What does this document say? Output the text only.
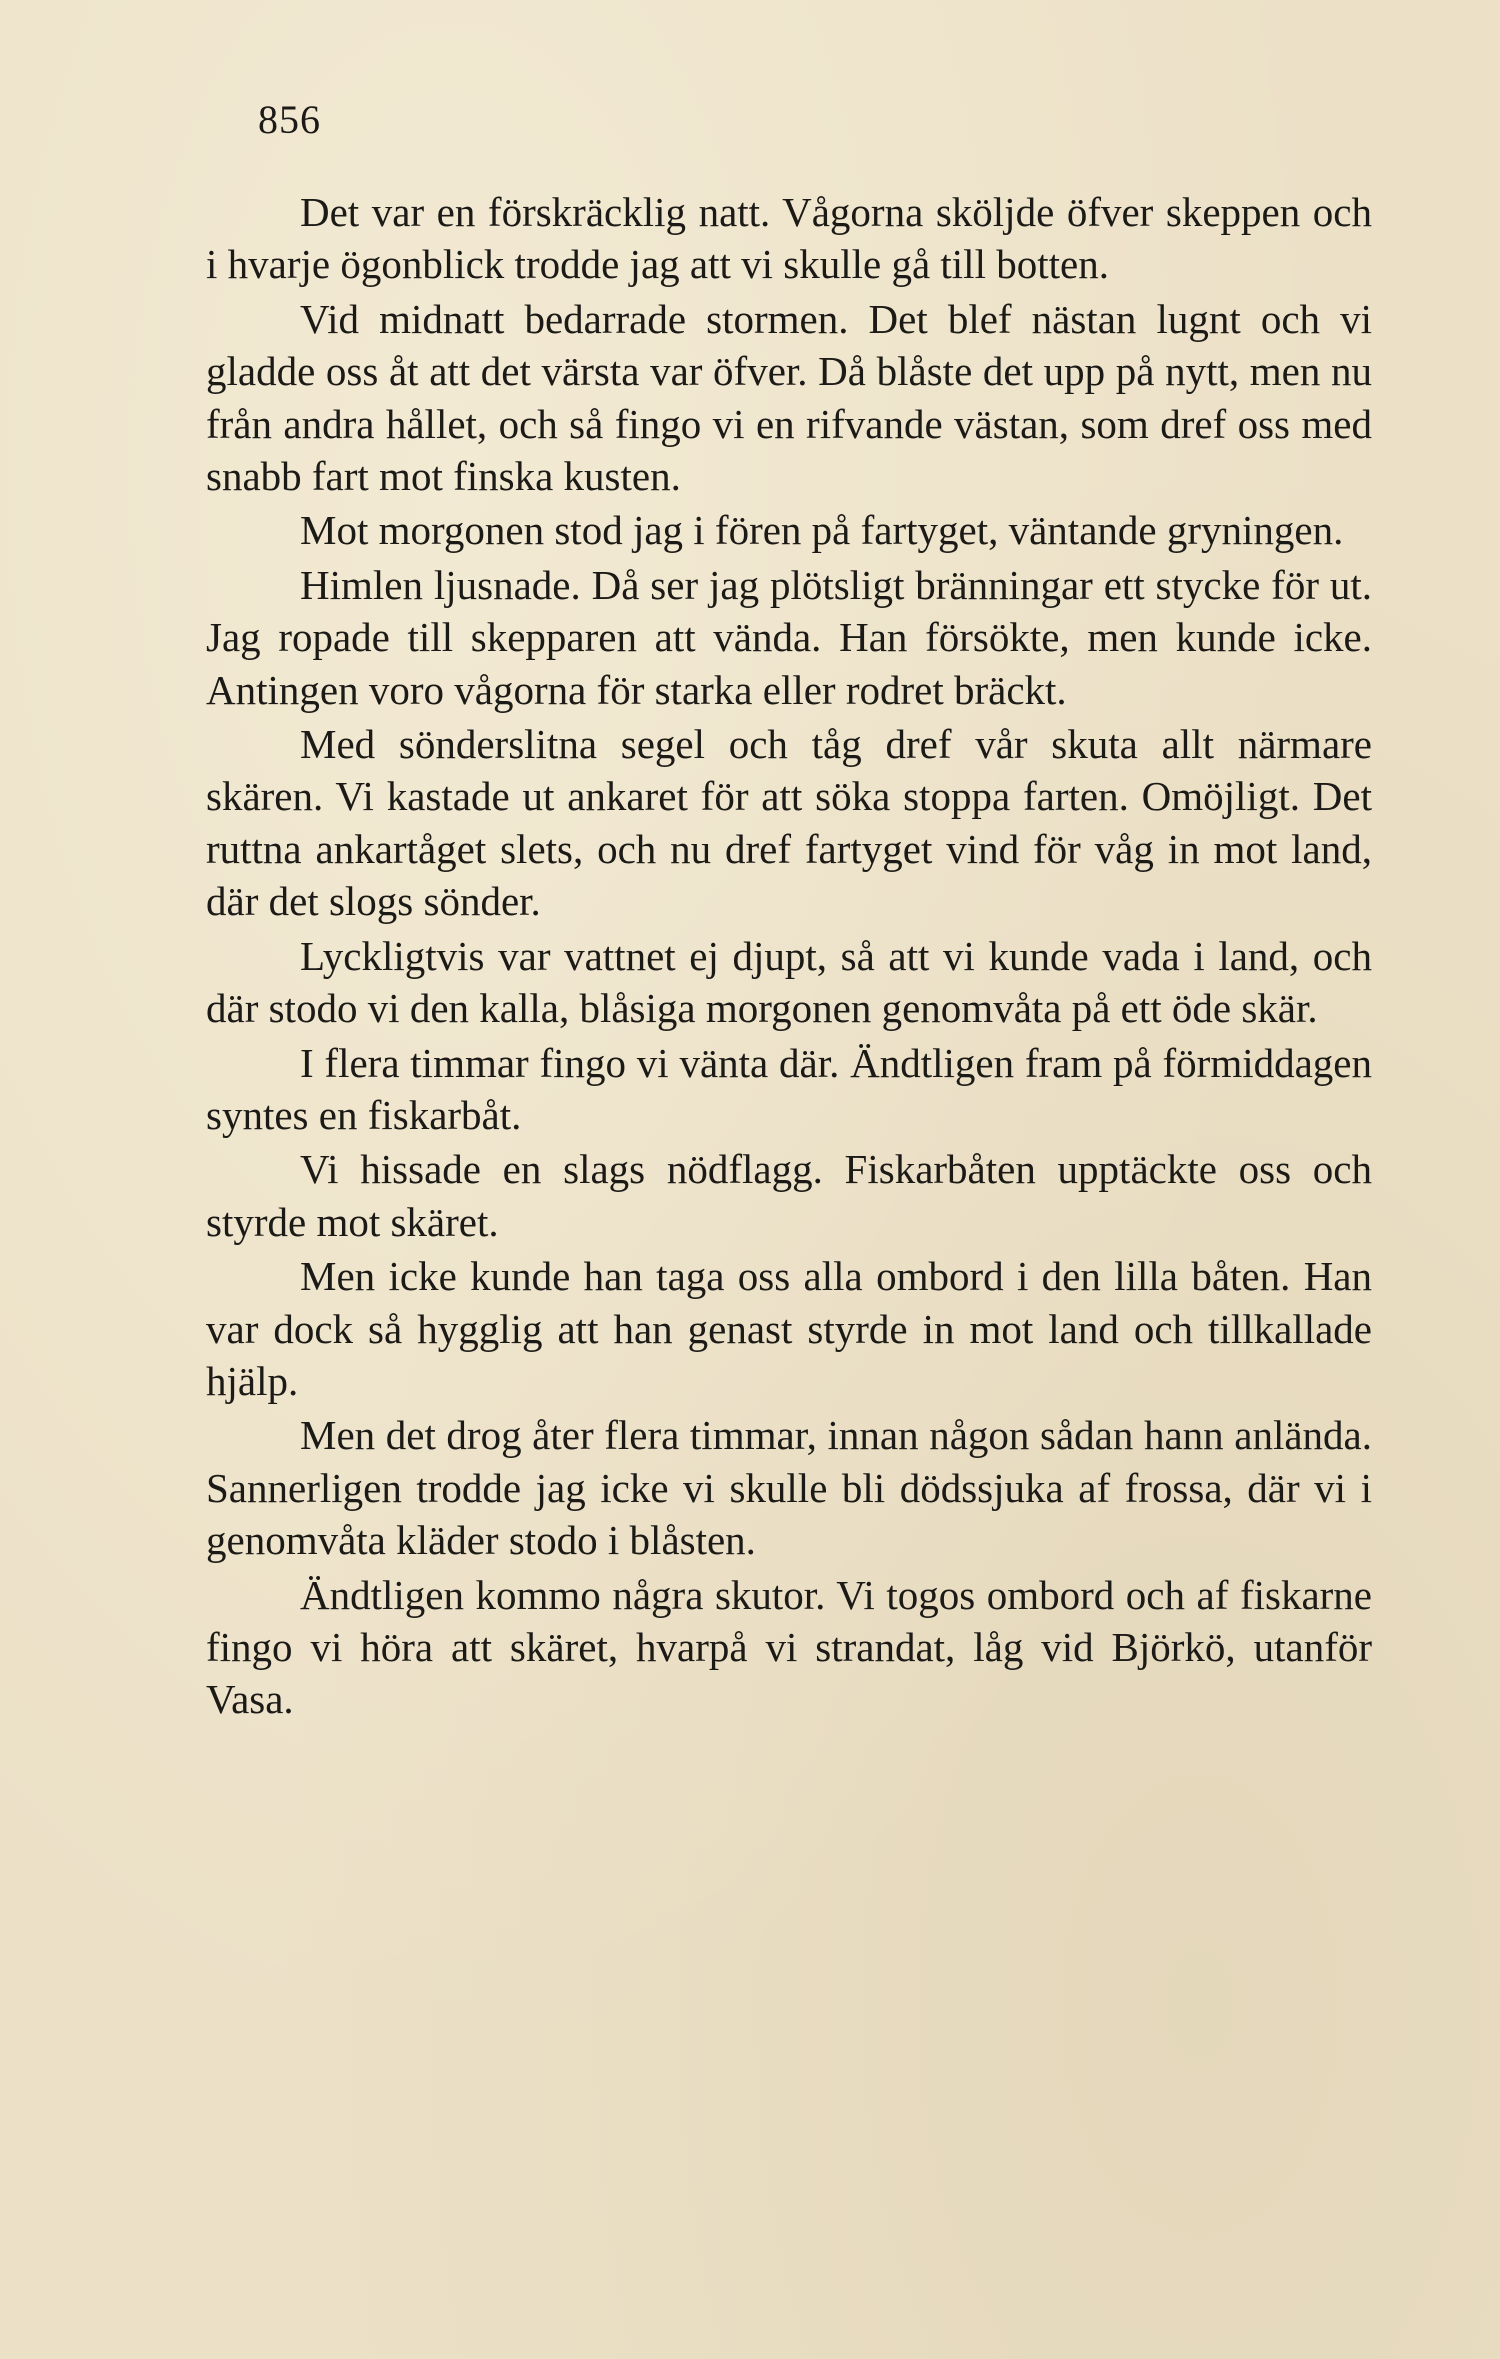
856

Det var en förskräcklig natt. Vågorna sköljde öfver skeppen och i hvarje ögonblick trodde jag att vi skulle gå till botten.

Vid midnatt bedarrade stormen. Det blef nästan lugnt och vi gladde oss åt att det värsta var öfver. Då blåste det upp på nytt, men nu från andra hållet, och så fingo vi en rifvande västan, som dref oss med snabb fart mot finska kusten.

Mot morgonen stod jag i fören på fartyget, väntande gryningen.

Himlen ljusnade. Då ser jag plötsligt bränningar ett stycke för ut. Jag ropade till skepparen att vända. Han försökte, men kunde icke. Antingen voro vågorna för starka eller rodret bräckt.

Med sönderslitna segel och tåg dref vår skuta allt närmare skären. Vi kastade ut ankaret för att söka stoppa farten. Omöjligt. Det ruttna ankartåget slets, och nu dref fartyget vind för våg in mot land, där det slogs sönder.

Lyckligtvis var vattnet ej djupt, så att vi kunde vada i land, och där stodo vi den kalla, blåsiga morgonen genomvåta på ett öde skär.

I flera timmar fingo vi vänta där. Ändtligen fram på förmiddagen syntes en fiskarbåt.

Vi hissade en slags nödflagg. Fiskarbåten upptäckte oss och styrde mot skäret.

Men icke kunde han taga oss alla ombord i den lilla båten. Han var dock så hygglig att han genast styrde in mot land och tillkallade hjälp.

Men det drog åter flera timmar, innan någon sådan hann anlända. Sannerligen trodde jag icke vi skulle bli dödssjuka af frossa, där vi i genomvåta kläder stodo i blåsten.

Ändtligen kommo några skutor. Vi togos ombord och af fiskarne fingo vi höra att skäret, hvarpå vi strandat, låg vid Björkö, utanför Vasa.
